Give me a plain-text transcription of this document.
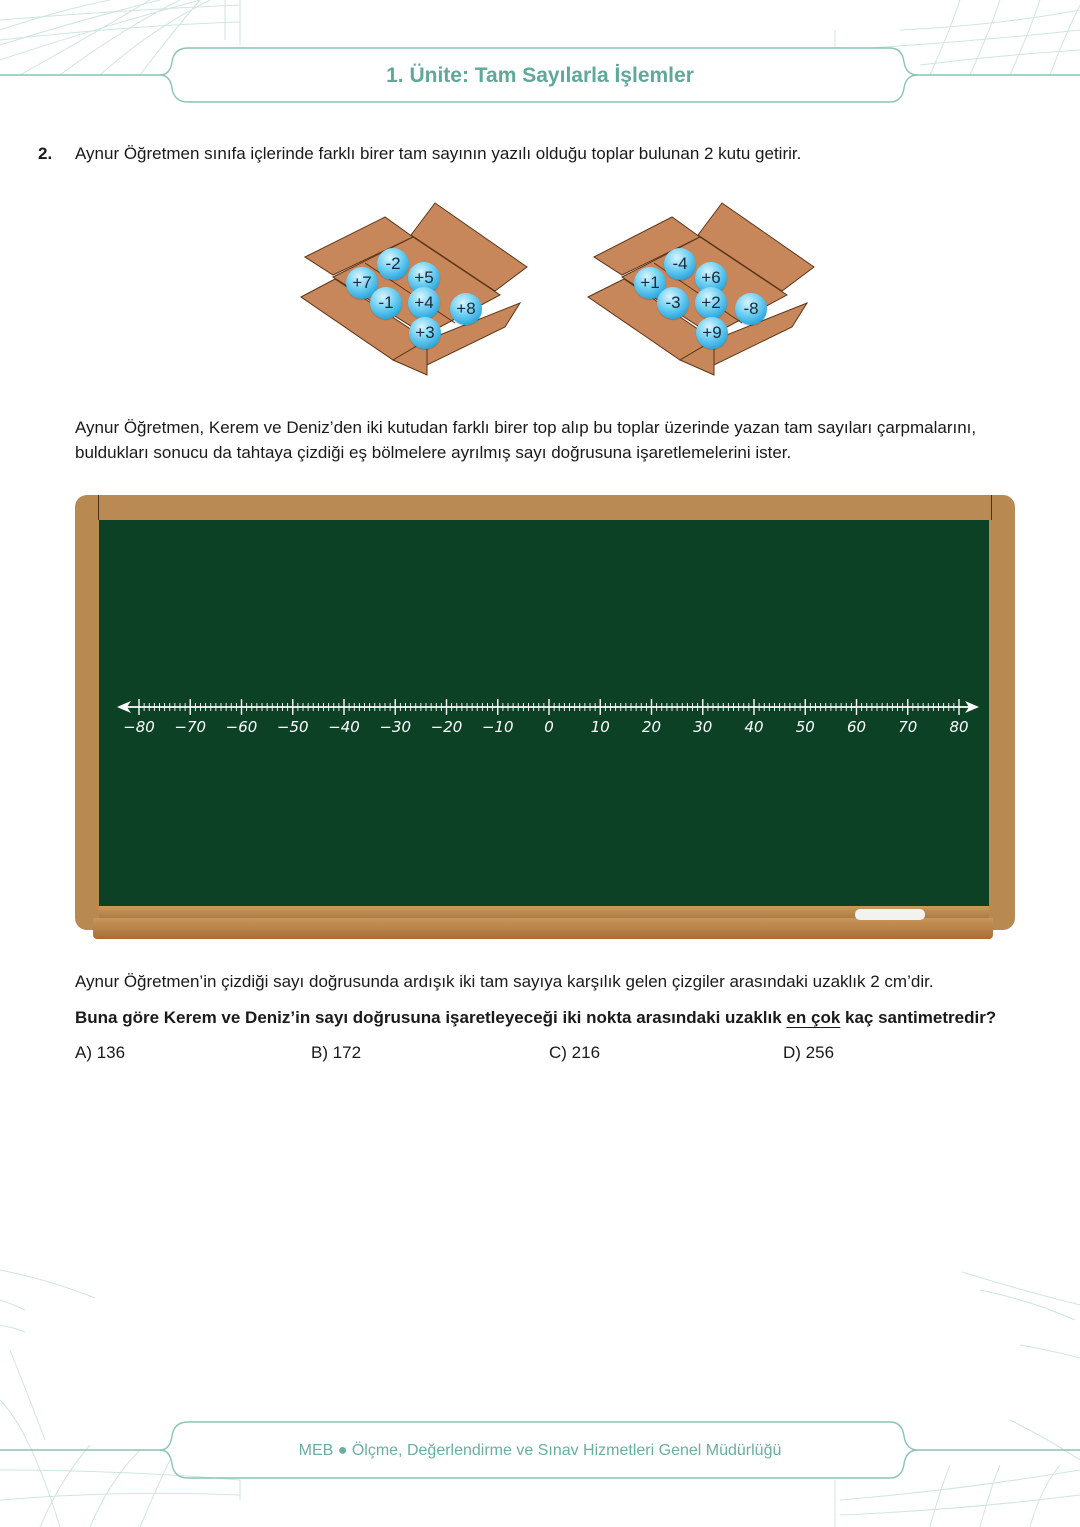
1. Ünite: Tam Sayılarla İşlemler
2. Aynur Öğretmen sınıfa içlerinde farklı birer tam sayının yazılı olduğu toplar bulunan 2 kutu getirir.
-2
+7	+5
-1	+4	+8
+3
-4
+1	+6
-3	+2	-8
+9
Aynur Öğretmen, Kerem ve Deniz’den iki kutudan farklı birer top alıp bu toplar üzerinde yazan tam sayıları çarpmalarını,
buldukları sonucu da tahtaya çizdiği eş bölmelere ayrılmış sayı doğrusuna işaretlemelerini ister.
−80 −70 −60 −50 −40 −30 −20 −10 0 10 20 30 40 50 60 70 80
Aynur Öğretmen’in çizdiği sayı doğrusunda ardışık iki tam sayıya karşılık gelen çizgiler arasındaki uzaklık 2 cm’dir.
Buna göre Kerem ve Deniz’in sayı doğrusuna işaretleyeceği iki nokta arasındaki uzaklık en çok kaç santimetredir?
A) 136	B) 172	C) 216	D) 256
MEB ● Ölçme, Değerlendirme ve Sınav Hizmetleri Genel Müdürlüğü
